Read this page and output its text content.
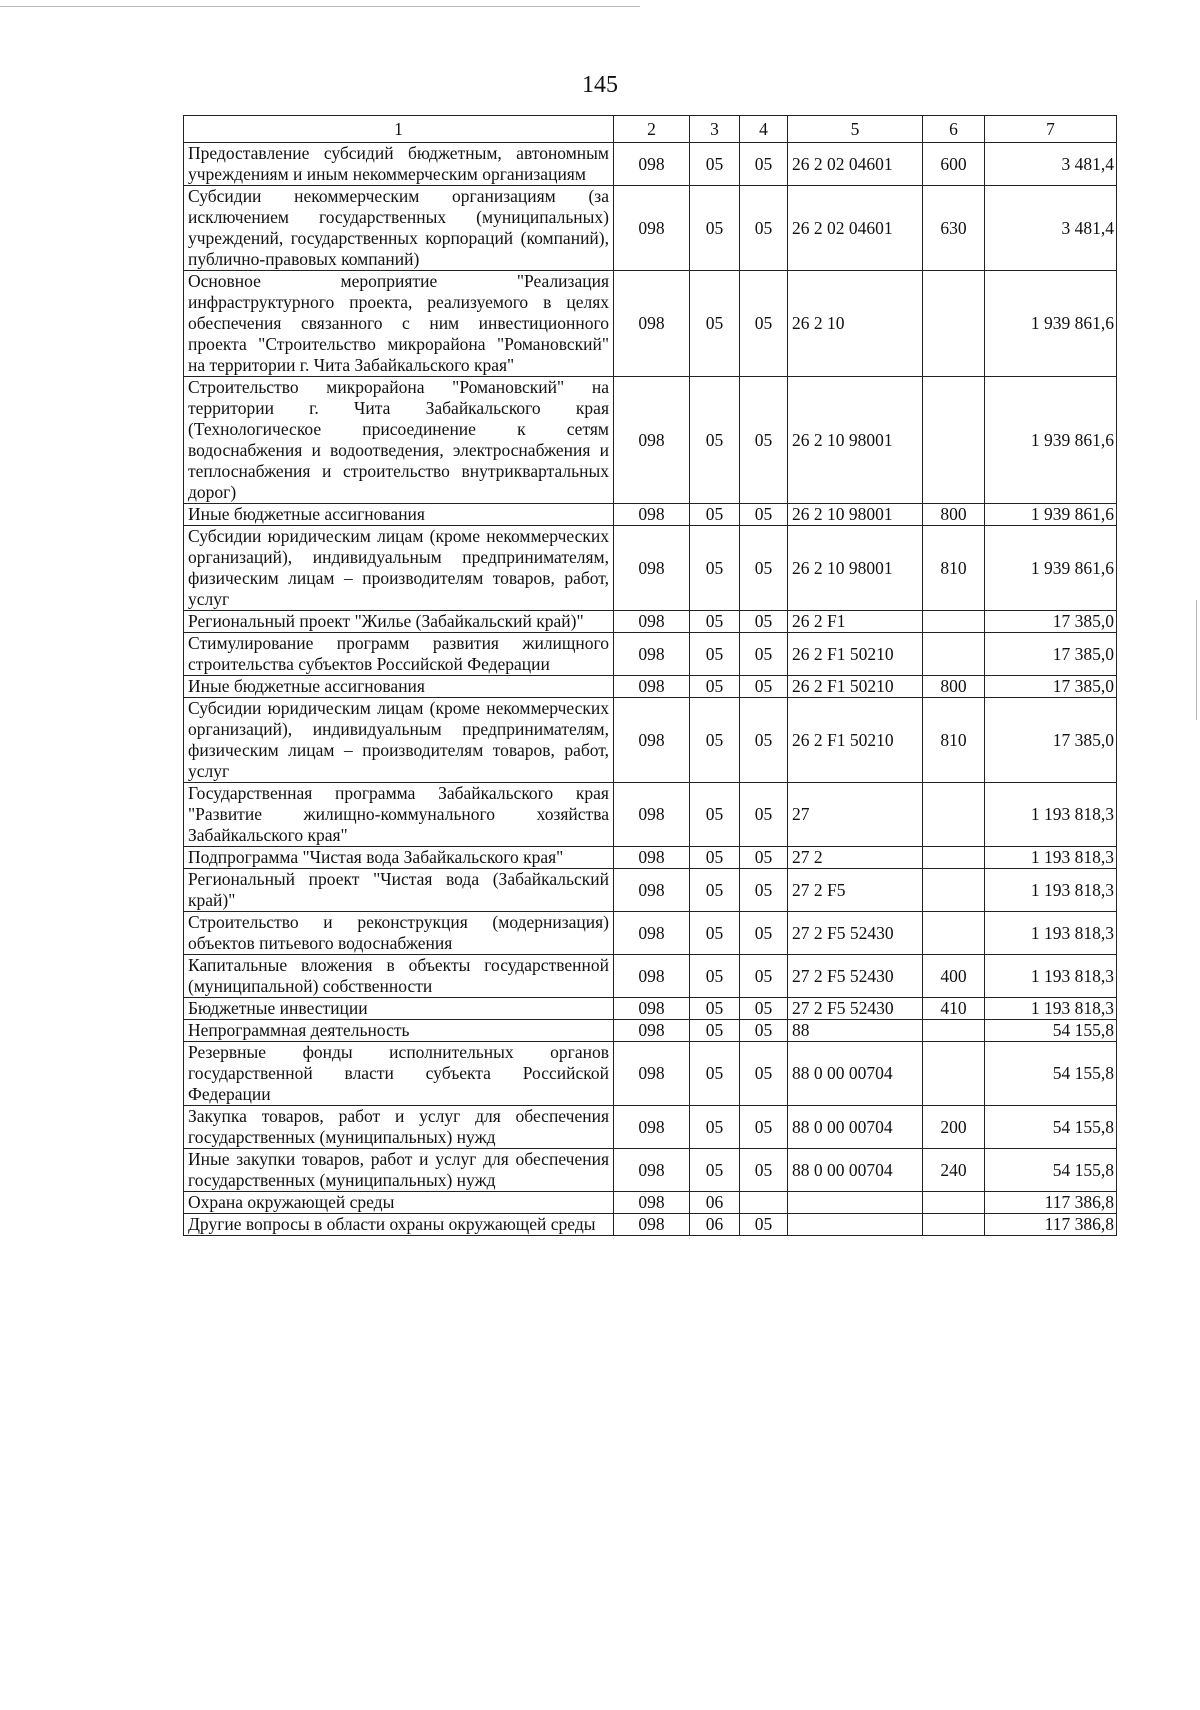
145
1	2	3	4	5	6	7
Предоставление субсидий бюджетным, автономным учреждениям и иным некоммерческим организациям	098	05	05	26 2 02 04601	600	3 481,4
Субсидии некоммерческим организациям (за исключением государственных (муниципальных) учреждений, государственных корпораций (компаний), публично-правовых компаний)	098	05	05	26 2 02 04601	630	3 481,4
Основное мероприятие "Реализация инфраструктурного проекта, реализуемого в целях обеспечения связанного с ним инвестиционного проекта "Строительство микрорайона "Романовский" на территории г. Чита Забайкальского края"	098	05	05	26 2 10		1 939 861,6
Строительство микрорайона "Романовский" на территории г. Чита Забайкальского края (Технологическое присоединение к сетям водоснабжения и водоотведения, электроснабжения и теплоснабжения и строительство внутриквартальных дорог)	098	05	05	26 2 10 98001		1 939 861,6
Иные бюджетные ассигнования	098	05	05	26 2 10 98001	800	1 939 861,6
Субсидии юридическим лицам (кроме некоммерческих организаций), индивидуальным предпринимателям, физическим лицам – производителям товаров, работ, услуг	098	05	05	26 2 10 98001	810	1 939 861,6
Региональный проект "Жилье (Забайкальский край)"	098	05	05	26 2 F1		17 385,0
Стимулирование программ развития жилищного строительства субъектов Российской Федерации	098	05	05	26 2 F1 50210		17 385,0
Иные бюджетные ассигнования	098	05	05	26 2 F1 50210	800	17 385,0
Субсидии юридическим лицам (кроме некоммерческих организаций), индивидуальным предпринимателям, физическим лицам – производителям товаров, работ, услуг	098	05	05	26 2 F1 50210	810	17 385,0
Государственная программа Забайкальского края "Развитие жилищно-коммунального хозяйства Забайкальского края"	098	05	05	27		1 193 818,3
Подпрограмма "Чистая вода Забайкальского края"	098	05	05	27 2		1 193 818,3
Региональный проект "Чистая вода (Забайкальский край)"	098	05	05	27 2 F5		1 193 818,3
Строительство и реконструкция (модернизация) объектов питьевого водоснабжения	098	05	05	27 2 F5 52430		1 193 818,3
Капитальные вложения в объекты государственной (муниципальной) собственности	098	05	05	27 2 F5 52430	400	1 193 818,3
Бюджетные инвестиции	098	05	05	27 2 F5 52430	410	1 193 818,3
Непрограммная деятельность	098	05	05	88		54 155,8
Резервные фонды исполнительных органов государственной власти субъекта Российской Федерации	098	05	05	88 0 00 00704		54 155,8
Закупка товаров, работ и услуг для обеспечения государственных (муниципальных) нужд	098	05	05	88 0 00 00704	200	54 155,8
Иные закупки товаров, работ и услуг для обеспечения государственных (муниципальных) нужд	098	05	05	88 0 00 00704	240	54 155,8
Охрана окружающей среды	098	06				117 386,8
Другие вопросы в области охраны окружающей среды	098	06	05			117 386,8
